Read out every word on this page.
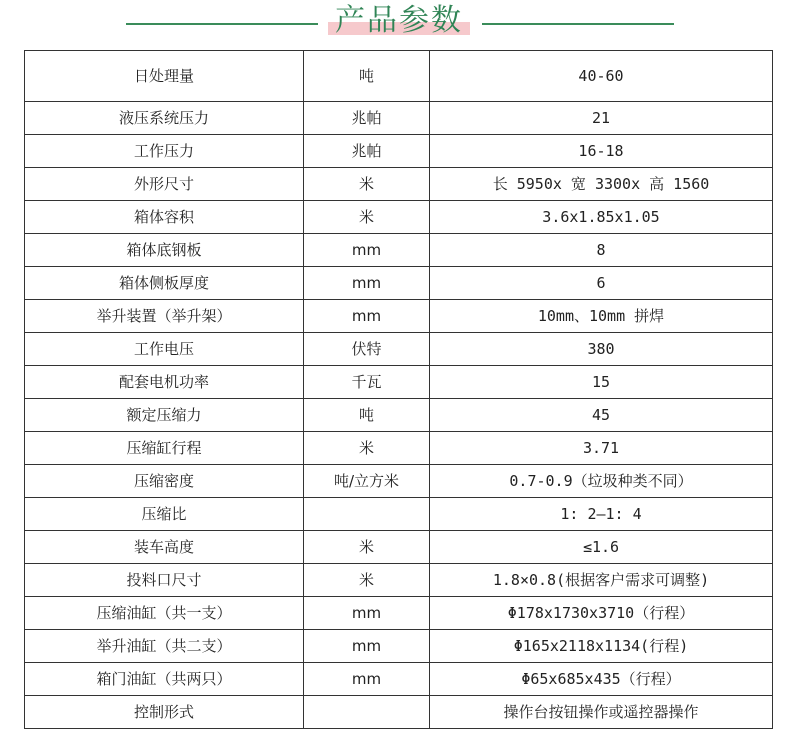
产品参数
日处理量	吨	40-60
液压系统压力	兆帕	21
工作压力	兆帕	16-18
外形尺寸	米	长 5950x 宽 3300x 高 1560
箱体容积	米	3.6x1.85x1.05
箱体底钢板	mm	8
箱体侧板厚度	mm	6
举升装置（举升架）	mm	10mm、10mm 拼焊
工作电压	伏特	380
配套电机功率	千瓦	15
额定压缩力	吨	45
压缩缸行程	米	3.71
压缩密度	吨/立方米	0.7-0.9（垃圾种类不同）
压缩比		1: 2—1: 4
装车高度	米	≤1.6
投料口尺寸	米	1.8×0.8(根据客户需求可调整)
压缩油缸（共一支）	mm	Φ178x1730x3710（行程）
举升油缸（共二支）	mm	Φ165x2118x1134(行程)
箱门油缸（共两只）	mm	Φ65x685x435（行程）
控制形式		操作台按钮操作或遥控器操作
